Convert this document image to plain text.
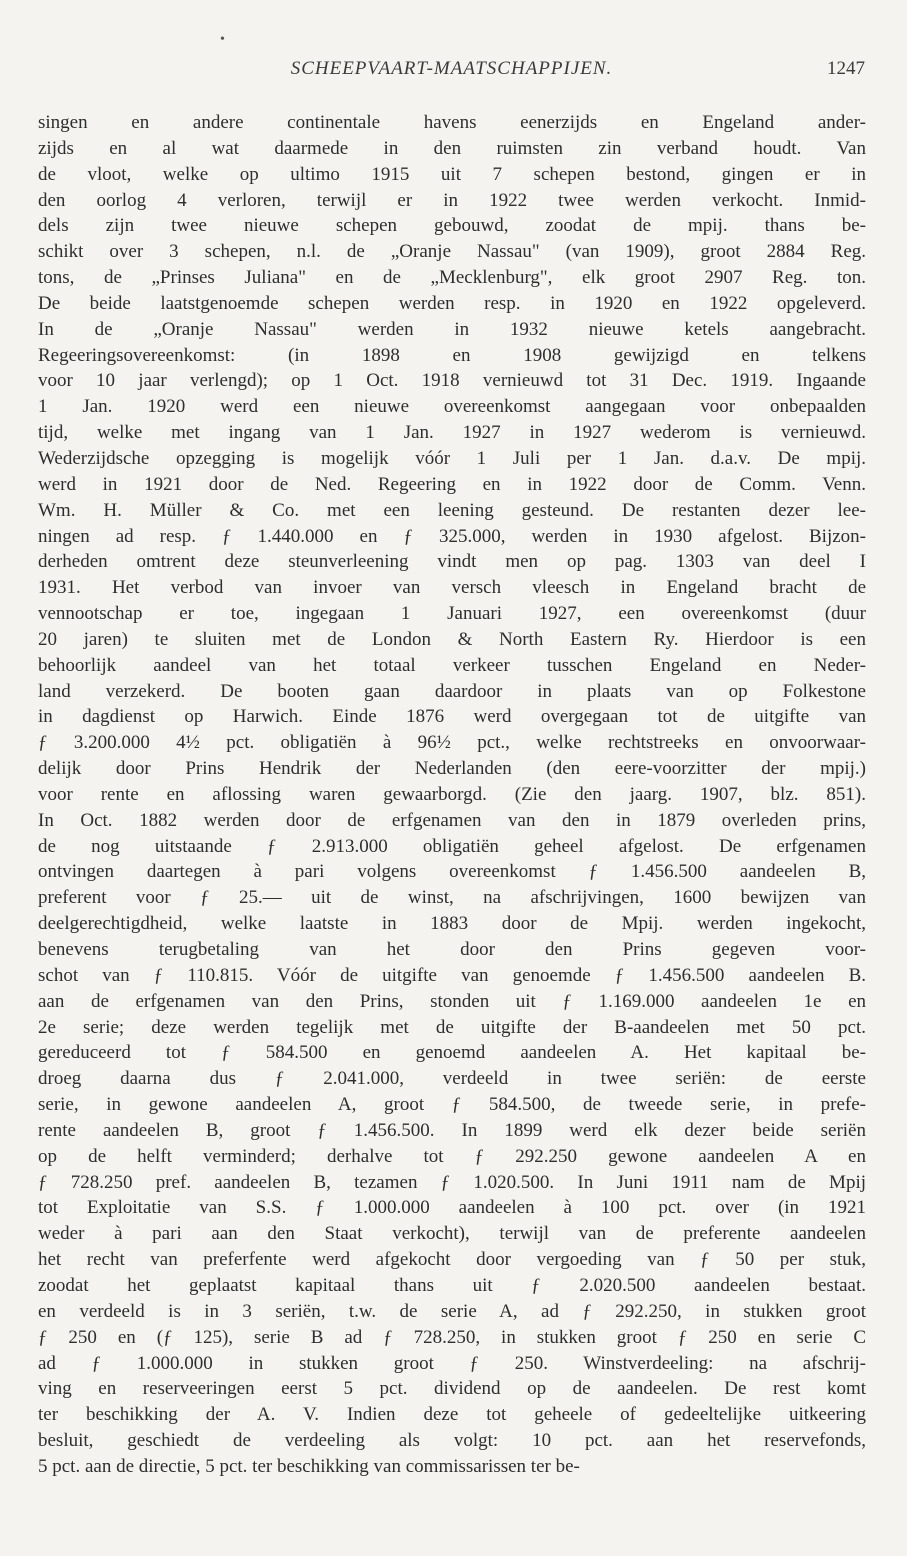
•
SCHEEPVAART-MAATSCHAPPIJEN.	1247
singen en andere continentale havens eenerzijds en Engeland ander-
zijds en al wat daarmede in den ruimsten zin verband houdt. Van
de vloot, welke op ultimo 1915 uit 7 schepen bestond, gingen er in
den oorlog 4 verloren, terwijl er in 1922 twee werden verkocht. Inmid-
dels zijn twee nieuwe schepen gebouwd, zoodat de mpij. thans be-
schikt over 3 schepen, n.l. de „Oranje Nassau" (van 1909), groot 2884 Reg.
tons, de „Prinses Juliana" en de „Mecklenburg", elk groot 2907 Reg. ton.
De beide laatstgenoemde schepen werden resp. in 1920 en 1922 opgeleverd.
In de „Oranje Nassau" werden in 1932 nieuwe ketels aangebracht.
Regeeringsovereenkomst: (in 1898 en 1908 gewijzigd en telkens
voor 10 jaar verlengd); op 1 Oct. 1918 vernieuwd tot 31 Dec. 1919. Ingaande
1 Jan. 1920 werd een nieuwe overeenkomst aangegaan voor onbepaalden
tijd, welke met ingang van 1 Jan. 1927 in 1927 wederom is vernieuwd.
Wederzijdsche opzegging is mogelijk vóór 1 Juli per 1 Jan. d.a.v. De mpij.
werd in 1921 door de Ned. Regeering en in 1922 door de Comm. Venn.
Wm. H. Müller & Co. met een leening gesteund. De restanten dezer lee-
ningen ad resp. ƒ 1.440.000 en ƒ 325.000, werden in 1930 afgelost. Bijzon-
derheden omtrent deze steunverleening vindt men op pag. 1303 van deel I
1931. Het verbod van invoer van versch vleesch in Engeland bracht de
vennootschap er toe, ingegaan 1 Januari 1927, een overeenkomst (duur
20 jaren) te sluiten met de London & North Eastern Ry. Hierdoor is een
behoorlijk aandeel van het totaal verkeer tusschen Engeland en Neder-
land verzekerd. De booten gaan daardoor in plaats van op Folkestone
in dagdienst op Harwich. Einde 1876 werd overgegaan tot de uitgifte van
ƒ 3.200.000 4½ pct. obligatiën à 96½ pct., welke rechtstreeks en onvoorwaar-
delijk door Prins Hendrik der Nederlanden (den eere-voorzitter der mpij.)
voor rente en aflossing waren gewaarborgd. (Zie den jaarg. 1907, blz. 851).
In Oct. 1882 werden door de erfgenamen van den in 1879 overleden prins,
de nog uitstaande ƒ 2.913.000 obligatiën geheel afgelost. De erfgenamen
ontvingen daartegen à pari volgens overeenkomst ƒ 1.456.500 aandeelen B,
preferent voor ƒ 25.— uit de winst, na afschrijvingen, 1600 bewijzen van
deelgerechtigdheid, welke laatste in 1883 door de Mpij. werden ingekocht,
benevens terugbetaling van het door den Prins gegeven voor-
schot van ƒ 110.815. Vóór de uitgifte van genoemde ƒ 1.456.500 aandeelen B.
aan de erfgenamen van den Prins, stonden uit ƒ 1.169.000 aandeelen 1e en
2e serie; deze werden tegelijk met de uitgifte der B-aandeelen met 50 pct.
gereduceerd tot ƒ 584.500 en genoemd aandeelen A. Het kapitaal be-
droeg daarna dus ƒ 2.041.000, verdeeld in twee seriën: de eerste
serie, in gewone aandeelen A, groot ƒ 584.500, de tweede serie, in prefe-
rente aandeelen B, groot ƒ 1.456.500. In 1899 werd elk dezer beide seriën
op de helft verminderd; derhalve tot ƒ 292.250 gewone aandeelen A en
ƒ 728.250 pref. aandeelen B, tezamen ƒ 1.020.500. In Juni 1911 nam de Mpij
tot Exploitatie van S.S. ƒ 1.000.000 aandeelen à 100 pct. over (in 1921
weder à pari aan den Staat verkocht), terwijl van de preferente aandeelen
het recht van preferfente werd afgekocht door vergoeding van ƒ 50 per stuk,
zoodat het geplaatst kapitaal thans uit ƒ 2.020.500 aandeelen bestaat.
en verdeeld is in 3 seriën, t.w. de serie A, ad ƒ 292.250, in stukken groot
ƒ 250 en (ƒ 125), serie B ad ƒ 728.250, in stukken groot ƒ 250 en serie C
ad ƒ 1.000.000 in stukken groot ƒ 250. Winstverdeeling: na afschrij-
ving en reserveeringen eerst 5 pct. dividend op de aandeelen. De rest komt
ter beschikking der A. V. Indien deze tot geheele of gedeeltelijke uitkeering
besluit, geschiedt de verdeeling als volgt: 10 pct. aan het reservefonds,
5 pct. aan de directie, 5 pct. ter beschikking van commissarissen ter be-
